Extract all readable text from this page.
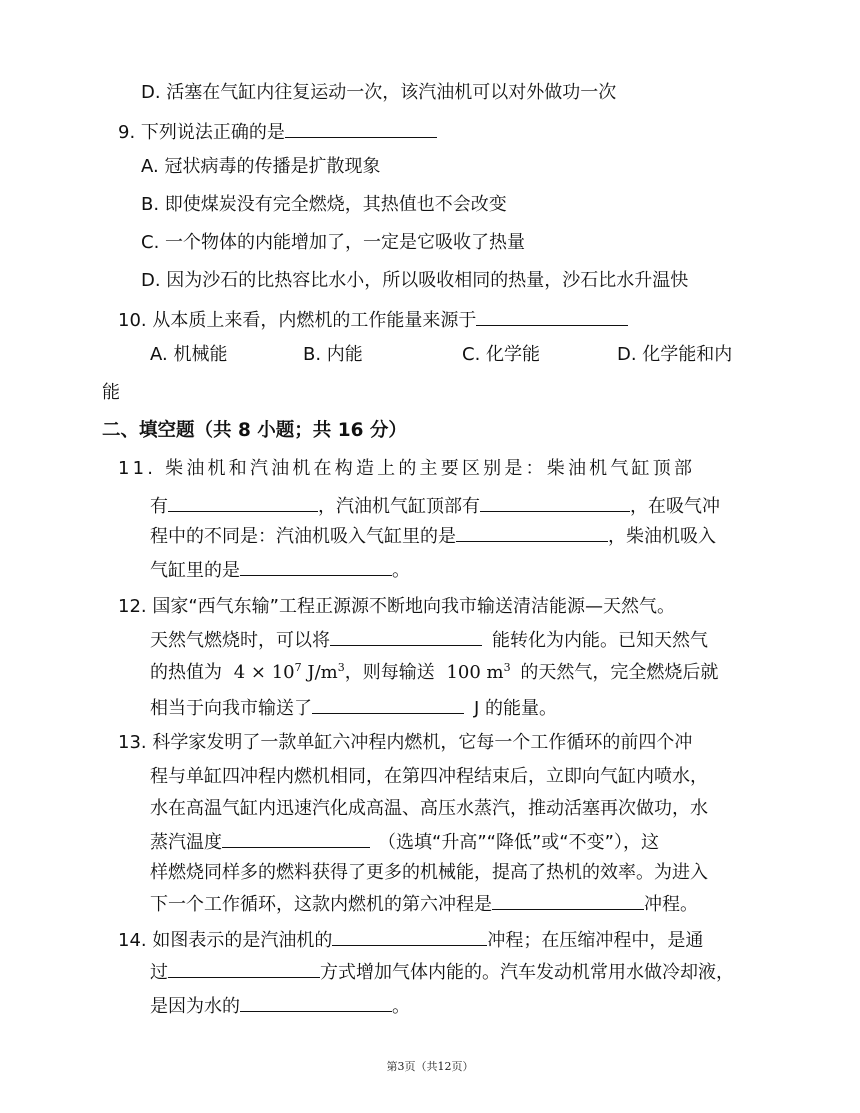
D. 活塞在气缸内往复运动一次，该汽油机可以对外做功一次
9. 下列说法正确的是
A. 冠状病毒的传播是扩散现象
B. 即使煤炭没有完全燃烧，其热值也不会改变
C. 一个物体的内能增加了，一定是它吸收了热量
D. 因为沙石的比热容比水小，所以吸收相同的热量，沙石比水升温快
10. 从本质上来看，内燃机的工作能量来源于
A. 机械能	B. 内能	C. 化学能	D. 化学能和内
能
二、填空题（共 8 小题；共 16 分）
11. 柴油机和汽油机在构造上的主要区别是：柴油机气缸顶部
有	，汽油机气缸顶部有	，在吸气冲
程中的不同是：汽油机吸入气缸里的是	，柴油机吸入
气缸里的是	。
12. 国家“西气东输”工程正源源不断地向我市输送清洁能源—天然气。
天然气燃烧时，可以将	能转化为内能。已知天然气
的热值为 $4 \times 10^7$ $J/m^3$，则每输送 100 $m^3$ 的天然气，完全燃烧后就
相当于向我市输送了	J 的能量。
13. 科学家发明了一款单缸六冲程内燃机，它每一个工作循环的前四个冲
程与单缸四冲程内燃机相同，在第四冲程结束后，立即向气缸内喷水，
水在高温气缸内迅速汽化成高温、高压水蒸汽，推动活塞再次做功，水
蒸汽温度	（选填“升高”“降低”或“不变”），这
样燃烧同样多的燃料获得了更多的机械能，提高了热机的效率。为进入
下一个工作循环，这款内燃机的第六冲程是	冲程。
14. 如图表示的是汽油机的	冲程；在压缩冲程中，是通
过	方式增加气体内能的。汽车发动机常用水做冷却液，
是因为水的	。
第3页（共12页）
